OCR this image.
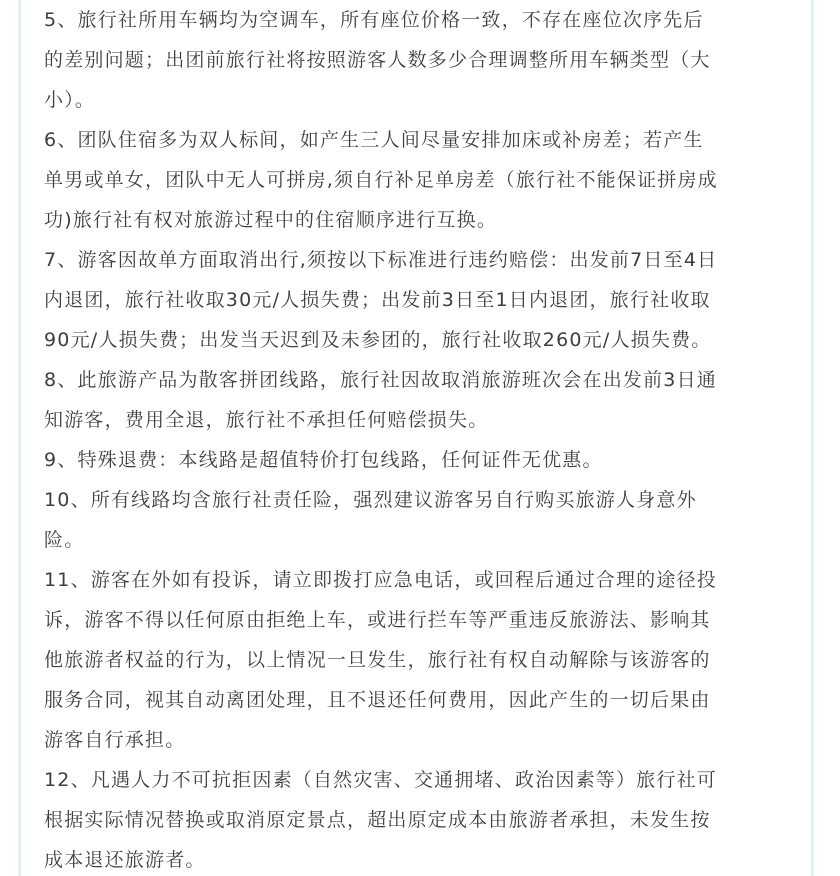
5、旅行社所用车辆均为空调车，所有座位价格一致，不存在座位次序先后
的差别问题；出团前旅行社将按照游客人数多少合理调整所用车辆类型（大
小）。
6、团队住宿多为双人标间，如产生三人间尽量安排加床或补房差；若产生
单男或单女，团队中无人可拼房,须自行补足单房差（旅行社不能保证拼房成
功)旅行社有权对旅游过程中的住宿顺序进行互换。
7、游客因故单方面取消出行,须按以下标准进行违约赔偿：出发前7日至4日
内退团，旅行社收取30元/人损失费；出发前3日至1日内退团，旅行社收取
90元/人损失费；出发当天迟到及未参团的，旅行社收取260元/人损失费。
8、此旅游产品为散客拼团线路，旅行社因故取消旅游班次会在出发前3日通
知游客，费用全退，旅行社不承担任何赔偿损失。
9、特殊退费：本线路是超值特价打包线路，任何证件无优惠。
10、所有线路均含旅行社责任险，强烈建议游客另自行购买旅游人身意外
险。
11、游客在外如有投诉，请立即拨打应急电话，或回程后通过合理的途径投
诉，游客不得以任何原由拒绝上车，或进行拦车等严重违反旅游法、影响其
他旅游者权益的行为，以上情况一旦发生，旅行社有权自动解除与该游客的
服务合同，视其自动离团处理，且不退还任何费用，因此产生的一切后果由
游客自行承担。
12、凡遇人力不可抗拒因素（自然灾害、交通拥堵、政治因素等）旅行社可
根据实际情况替换或取消原定景点，超出原定成本由旅游者承担，未发生按
成本退还旅游者。
